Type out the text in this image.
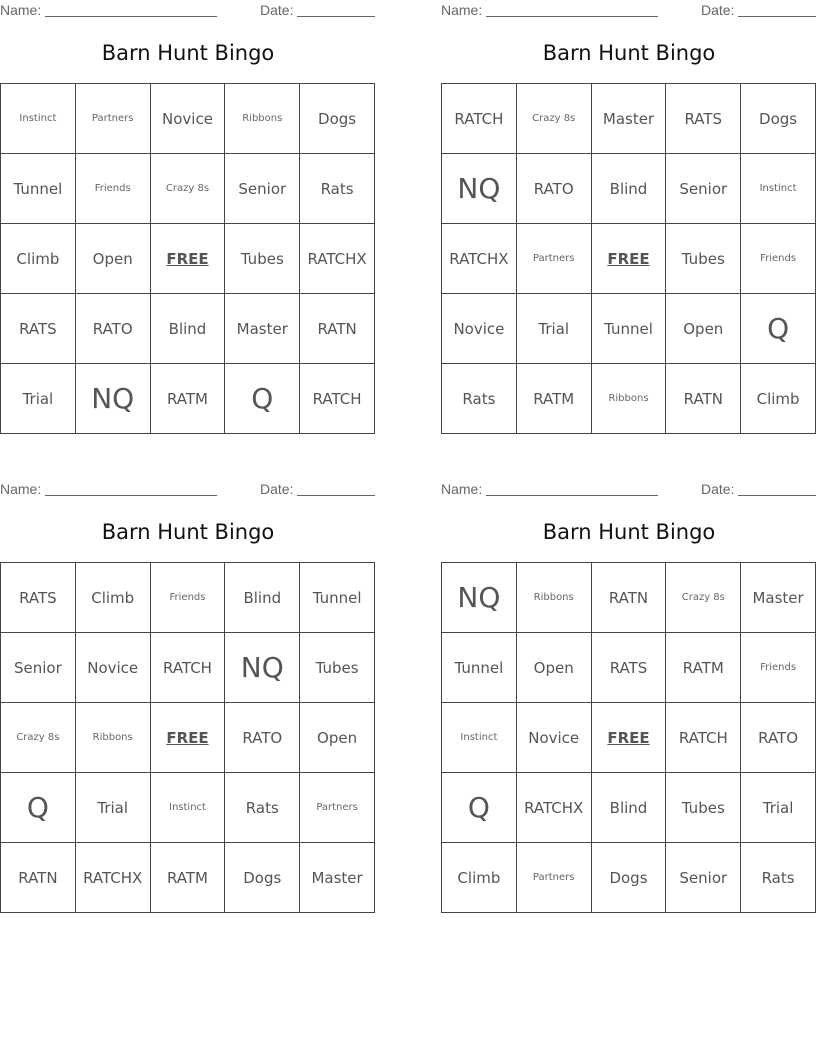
Name:	Date:
Barn Hunt Bingo
Instinct	Partners	Novice	Ribbons	Dogs
Tunnel	Friends	Crazy 8s	Senior	Rats
Climb	Open	FREE	Tubes	RATCHX
RATS	RATO	Blind	Master	RATN
Trial	NQ	RATM	Q	RATCH
Name:	Date:
Barn Hunt Bingo
RATCH	Crazy 8s	Master	RATS	Dogs
NQ	RATO	Blind	Senior	Instinct
RATCHX	Partners	FREE	Tubes	Friends
Novice	Trial	Tunnel	Open	Q
Rats	RATM	Ribbons	RATN	Climb
Name:	Date:
Barn Hunt Bingo
RATS	Climb	Friends	Blind	Tunnel
Senior	Novice	RATCH	NQ	Tubes
Crazy 8s	Ribbons	FREE	RATO	Open
Q	Trial	Instinct	Rats	Partners
RATN	RATCHX	RATM	Dogs	Master
Name:	Date:
Barn Hunt Bingo
NQ	Ribbons	RATN	Crazy 8s	Master
Tunnel	Open	RATS	RATM	Friends
Instinct	Novice	FREE	RATCH	RATO
Q	RATCHX	Blind	Tubes	Trial
Climb	Partners	Dogs	Senior	Rats
